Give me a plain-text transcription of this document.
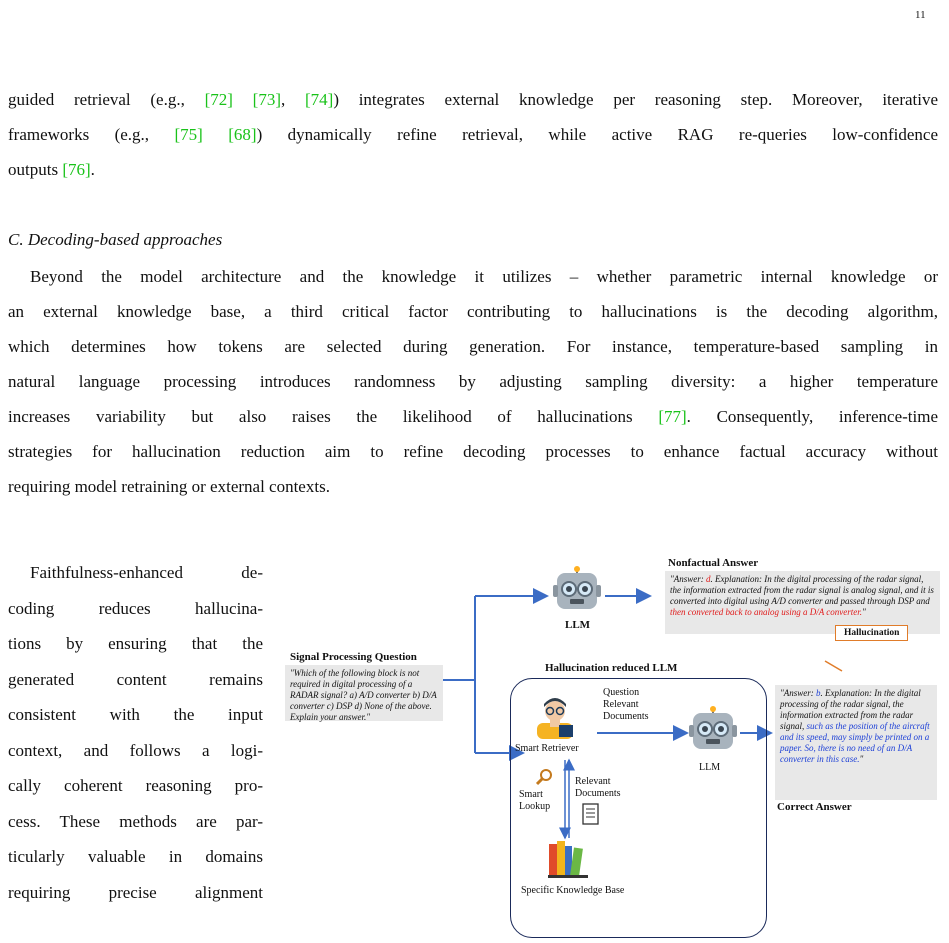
11
guided retrieval (e.g., [72] [73], [74]) integrates external knowledge per reasoning step. Moreover, iterative
frameworks (e.g., [75] [68]) dynamically refine retrieval, while active RAG re-queries low-confidence
outputs [76].
C. Decoding-based approaches
Beyond the model architecture and the knowledge it utilizes – whether parametric internal knowledge or
an external knowledge base, a third critical factor contributing to hallucinations is the decoding algorithm,
which determines how tokens are selected during generation. For instance, temperature-based sampling in
natural language processing introduces randomness by adjusting sampling diversity: a higher temperature
increases variability but also raises the likelihood of hallucinations [77]. Consequently, inference-time
strategies for hallucination reduction aim to refine decoding processes to enhance factual accuracy without
requiring model retraining or external contexts.
Faithfulness-enhanced de-
coding reduces hallucina-
tions by ensuring that the
generated content remains
consistent with the input
context, and follows a logi-
cally coherent reasoning pro-
cess. These methods are par-
ticularly valuable in domains
requiring precise alignment
Signal Processing Question
"Which of the following block is not required in digital processing of a RADAR signal? a) A/D converter b) D/A converter c) DSP d) None of the above. Explain your answer."
LLM
Nonfactual Answer
"Answer: d. Explanation: In the digital processing of the radar signal, the information extracted from the radar signal is analog signal, and it is converted into digital using A/D converter and passed through DSP and then converted back to analog using a D/A converter."
Hallucination
Hallucination reduced LLM
Smart Retriever
Question
Relevant
Documents
LLM
Smart
Lookup
Relevant
Documents
Specific Knowledge Base
"Answer: b. Explanation: In the digital processing of the radar signal, the information extracted from the radar signal, such as the position of the aircraft and its speed, may simply be printed on a paper. So, there is no need of an D/A converter in this case."
Correct Answer
